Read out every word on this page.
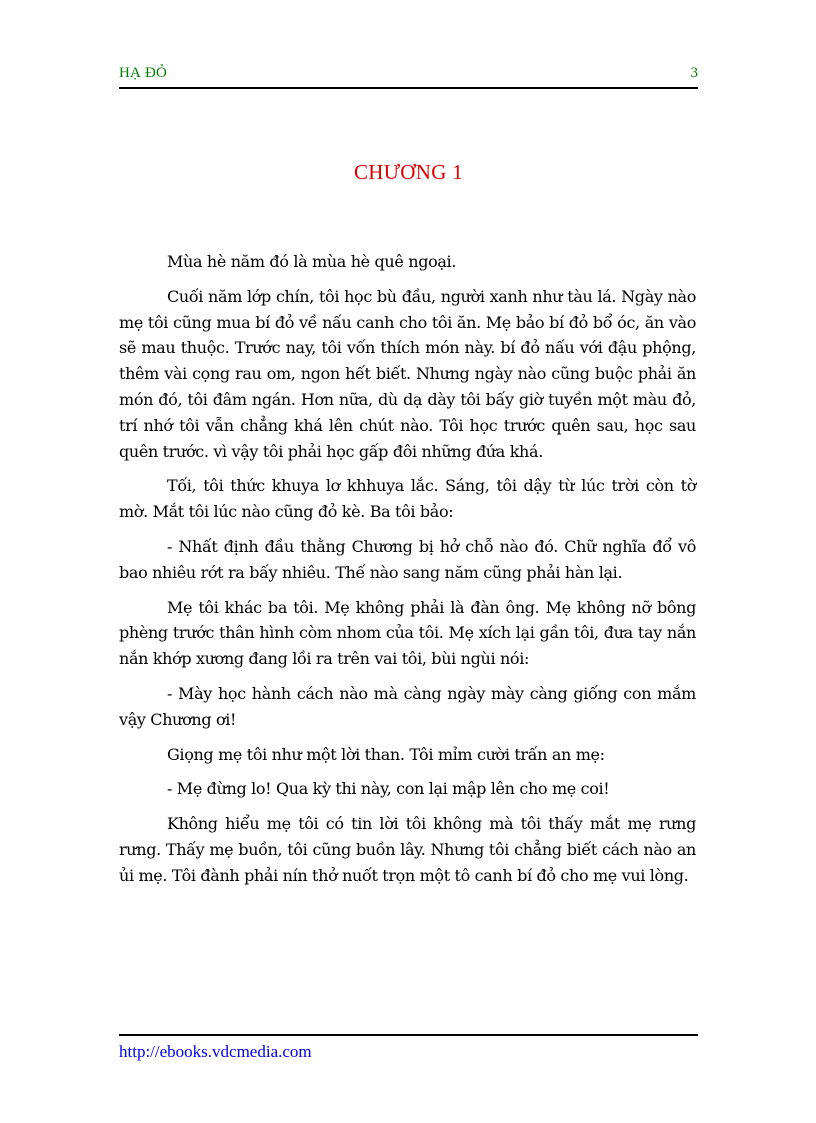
HẠ ĐỎ	3
CHƯƠNG 1

Mùa hè năm đó là mùa hè quê ngoại.

Cuối năm lớp chín, tôi học bù đầu, người xanh như tàu lá. Ngày nào mẹ tôi cũng mua bí đỏ về nấu canh cho tôi ăn. Mẹ bảo bí đỏ bổ óc, ăn vào sẽ mau thuộc. Trước nay, tôi vốn thích món này. bí đỏ nấu với đậu phộng, thêm vài cọng rau om, ngon hết biết. Nhưng ngày nào cũng buộc phải ăn món đó, tôi đâm ngán. Hơn nữa, dù dạ dày tôi bấy giờ tuyền một màu đỏ, trí nhớ tôi vẫn chẳng khá lên chút nào. Tôi học trước quên sau, học sau quên trước. vì vậy tôi phải học gấp đôi những đứa khá.

Tối, tôi thức khuya lơ khhuya lắc. Sáng, tôi dậy từ lúc trời còn tờ mờ. Mắt tôi lúc nào cũng đỏ kè. Ba tôi bảo:

- Nhất định đầu thằng Chương bị hở chỗ nào đó. Chữ nghĩa đổ vô bao nhiêu rớt ra bấy nhiêu. Thế nào sang năm cũng phải hàn lại.

Mẹ tôi khác ba tôi. Mẹ không phải là đàn ông. Mẹ không nỡ bông phèng trước thân hình còm nhom của tôi. Mẹ xích lại gần tôi, đưa tay nắn nắn khớp xương đang lồi ra trên vai tôi, bùi ngùi nói:

- Mày học hành cách nào mà càng ngày mày càng giống con mắm vậy Chương ơi!

Giọng mẹ tôi như một lời than. Tôi mỉm cười trấn an mẹ:

- Mẹ đừng lo! Qua kỳ thi này, con lại mập lên cho mẹ coi!

Không hiểu mẹ tôi có tin lời tôi không mà tôi thấy mắt mẹ rưng rưng. Thấy mẹ buồn, tôi cũng buồn lây. Nhưng tôi chẳng biết cách nào an ủi mẹ. Tôi đành phải nín thở nuốt trọn một tô canh bí đỏ cho mẹ vui lòng.

http://ebooks.vdcmedia.com
